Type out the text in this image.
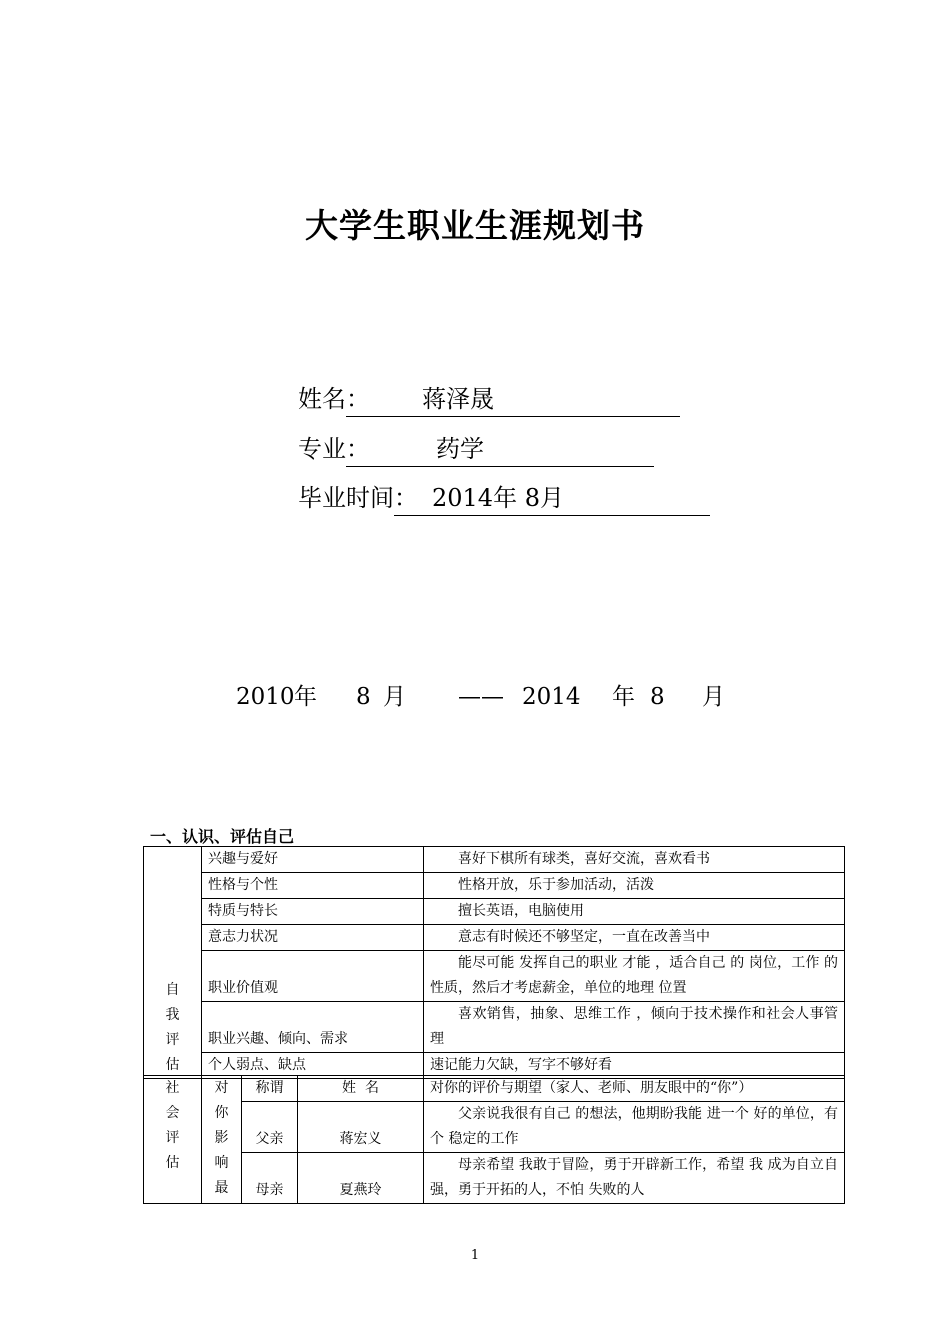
大学生职业生涯规划书
姓名： 蒋泽晟
专业：	药学
毕业时间： 2014年 8月
2010 年 8 月 —— 2014 年 8 月
一、认识、评估自己
自
我
评
估	兴趣与爱好	喜好下棋所有球类，喜好交流，喜欢看书
	性格与个性	性格开放，乐于参加活动，活泼
	特质与特长	擅长英语，电脑使用
	意志力状况	意志有时候还不够坚定，一直在改善当中
	职业价值观	能尽可能 发挥自己的职业 才能 ，适合自己 的 岗位，工作 的 性质，然后才考虑薪金，单位的地理 位置
	职业兴趣、倾向、需求	喜欢销售，抽象、思维工作 ，倾向于技术操作和社会人事管理
	个人弱点、缺点	速记能力欠缺，写字不够好看
社
会
评
估	对
你
影
响
最	称谓	姓  名	对你的评价与期望（家人、老师、朋友眼中的“你”）
		父亲	蒋宏义	父亲说我很有自己 的想法，他期盼我能 进一个 好的单位，有个 稳定的工作
		母亲	夏燕玲	母亲希望 我敢于冒险，勇于开辟新工作，希望 我 成为自立自强，勇于开拓的人，不怕 失败的人
1
